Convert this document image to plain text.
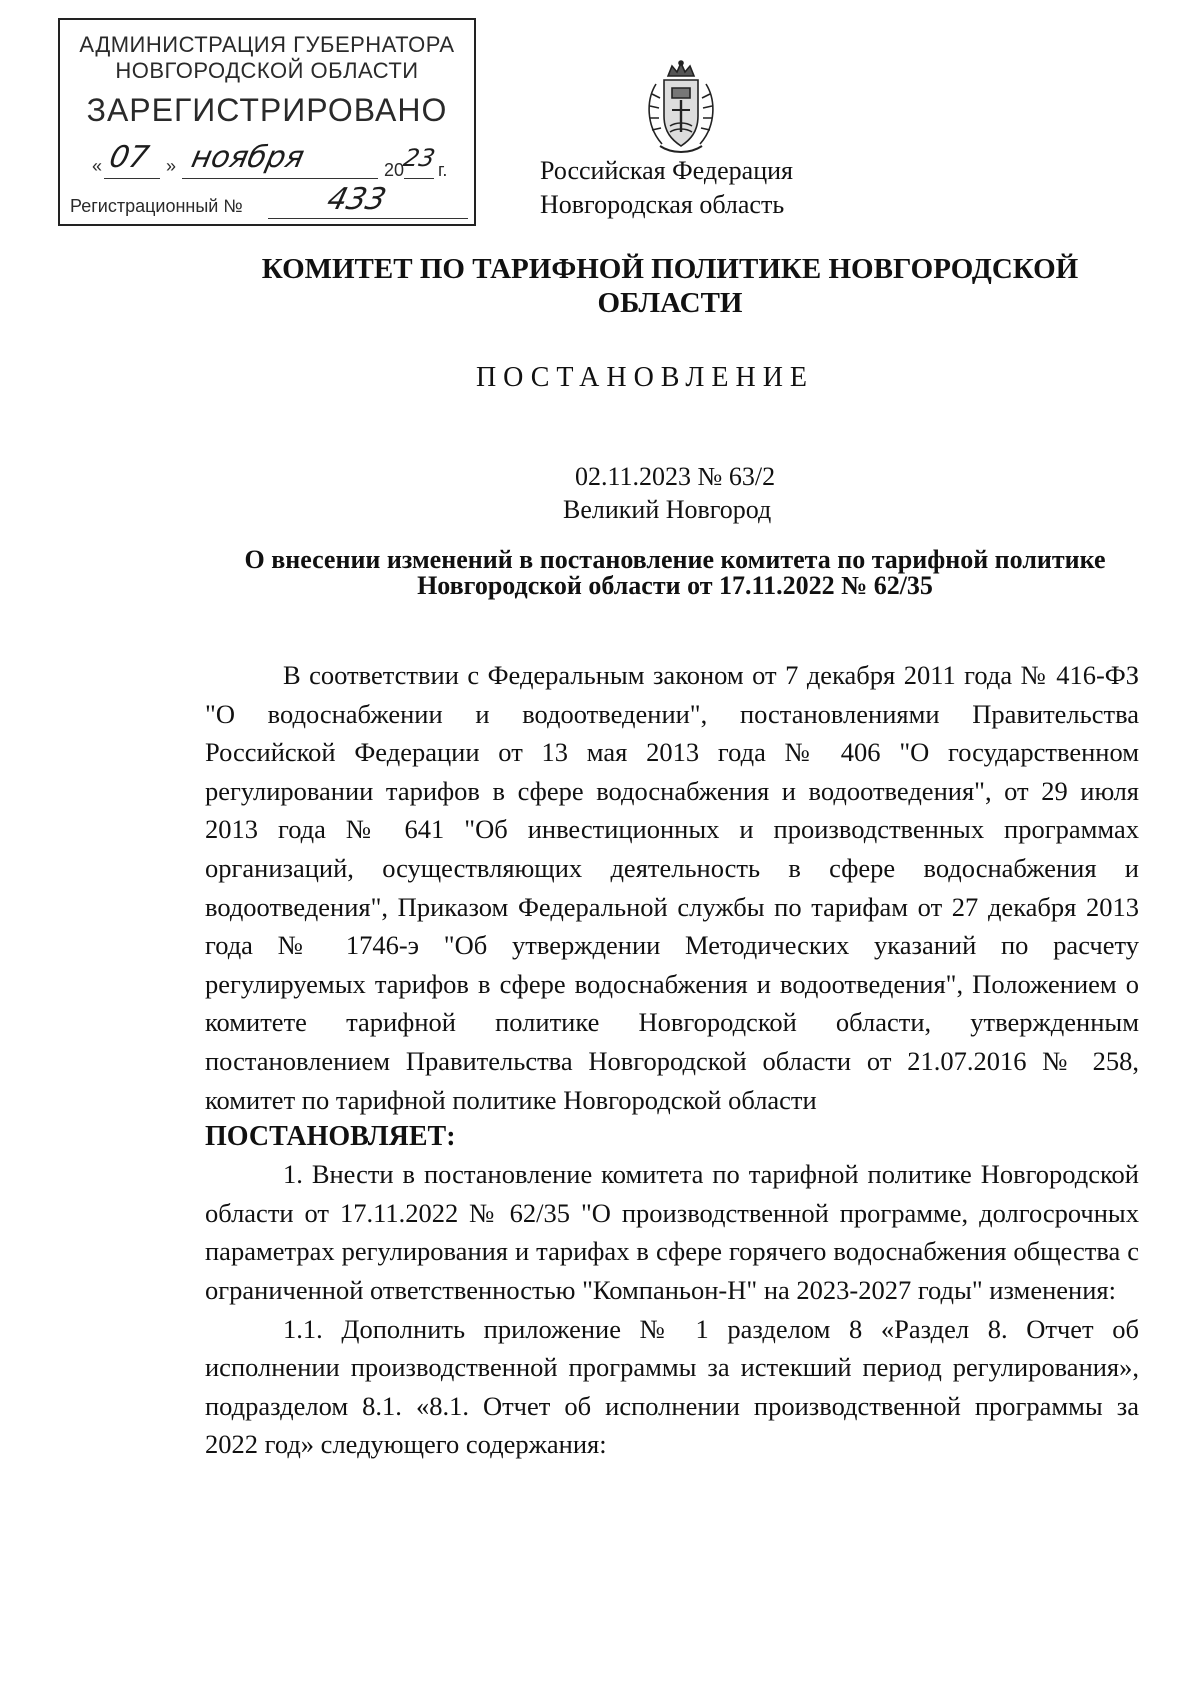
АДМИНИСТРАЦИЯ ГУБЕРНАТОРА
НОВГОРОДСКОЙ ОБЛАСТИ
ЗАРЕГИСТРИРОВАНО
« 07 » ноября	20
23 г.
Регистрационный №	433
Российская Федерация
Новгородская область
КОМИТЕТ ПО ТАРИФНОЙ ПОЛИТИКЕ НОВГОРОДСКОЙ ОБЛАСТИ
ПОСТАНОВЛЕНИЕ
02.11.2023 № 63/2
Великий Новгород
О внесении изменений в постановление комитета по тарифной политике
Новгородской области от 17.11.2022 № 62/35

В соответствии с Федеральным законом от 7 декабря 2011 года № 416-ФЗ "О водоснабжении и водоотведении", постановлениями Правительства Российской Федерации от 13 мая 2013 года № 406 "О государственном регулировании тарифов в сфере водоснабжения и водоотведения", от 29 июля 2013 года № 641 "Об инвестиционных и производственных программах организаций, осуществляющих деятельность в сфере водоснабжения и водоотведения", Приказом Федеральной службы по тарифам от 27 декабря 2013 года № 1746-э "Об утверждении Методических указаний по расчету регулируемых тарифов в сфере водоснабжения и водоотведения", Положением о комитете тарифной политике Новгородской области, утвержденным постановлением Правительства Новгородской области от 21.07.2016 № 258, комитет по тарифной политике Новгородской области

ПОСТАНОВЛЯЕТ:

1. Внести в постановление комитета по тарифной политике Новгородской области от 17.11.2022 № 62/35 "О производственной программе, долгосрочных параметрах регулирования и тарифах в сфере горячего водоснабжения общества с ограниченной ответственностью "Компаньон-Н" на 2023-2027 годы" изменения:

1.1. Дополнить приложение № 1 разделом 8 «Раздел 8. Отчет об исполнении производственной программы за истекший период регулирования», подразделом 8.1. «8.1. Отчет об исполнении производственной программы за 2022 год» следующего содержания:
